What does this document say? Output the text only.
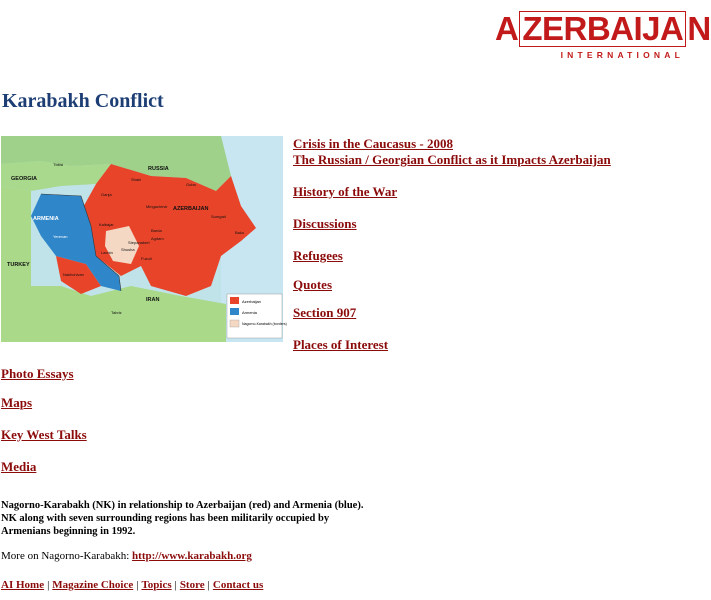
A ZERBAIJA N
INTERNATIONAL
Karabakh Conflict
RUSSIA
GEORGIA
ARMENIA
AZERBAIJAN
TURKEY
IRAN
Baku
Tbilisi
Yerevan
Ganja
Mingachevir
Shaki
Guba
Sumgait
Barda
Agdam
Lachin
Shusha
Fuzuli
Nakhchivan
Tabriz
Kalbajar
Stepanakert
Azerbaijan
Armenia
Nagorno-Karabakh (borders)
Crisis in the Caucasus - 2008
The Russian / Georgian Conflict as it Impacts Azerbaijan
History of the War
Discussions
Refugees
Quotes
Section 907
Places of Interest
Photo Essays
Maps
Key West Talks
Media
Nagorno-Karabakh (NK) in relationship to Azerbaijan (red) and Armenia (blue).
NK along with seven surrounding regions has been militarily occupied by
Armenians beginning in 1992.
More on Nagorno-Karabakh: http://www.karabakh.org
AI Home | Magazine Choice | Topics | Store | Contact us
